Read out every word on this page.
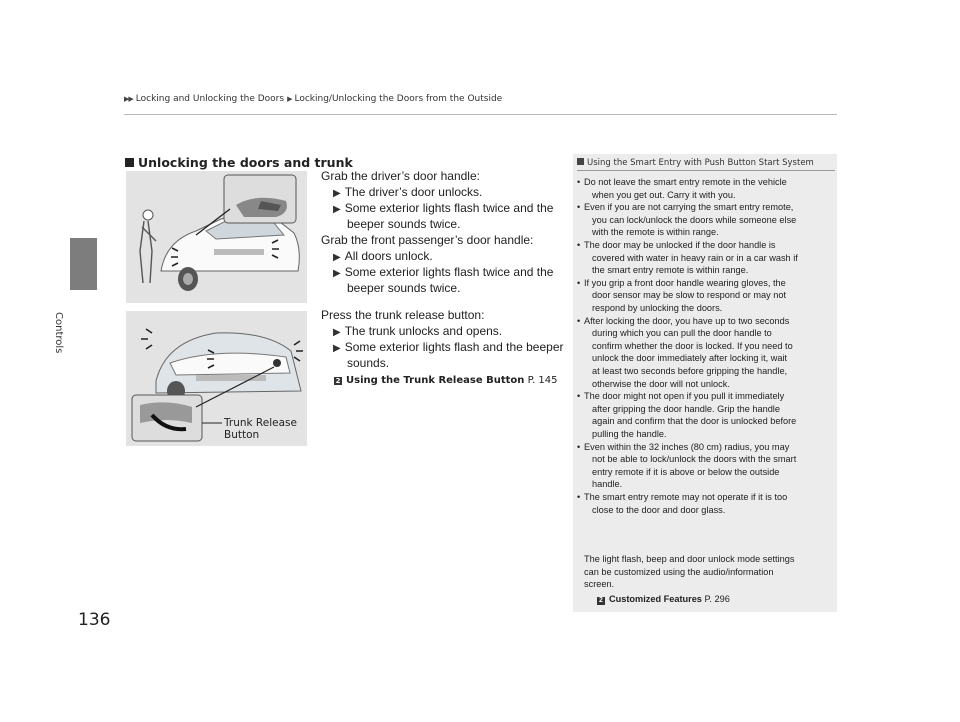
▶▶ Locking and Unlocking the Doors ▶ Locking/Unlocking the Doors from the Outside
Controls
136
Unlocking the doors and trunk
Trunk Release
Button
Grab the driver’s door handle:
▶ The driver’s door unlocks.
▶ Some exterior lights flash twice and the
beeper sounds twice.
Grab the front passenger’s door handle:
▶ All doors unlock.
▶ Some exterior lights flash twice and the
beeper sounds twice.
Press the trunk release button:
▶ The trunk unlocks and opens.
▶ Some exterior lights flash and the beeper
sounds.
2 Using the Trunk Release Button P. 145
Using the Smart Entry with Push Button Start System
• Do not leave the smart entry remote in the vehicle
when you get out. Carry it with you.
• Even if you are not carrying the smart entry remote,
you can lock/unlock the doors while someone else
with the remote is within range.
• The door may be unlocked if the door handle is
covered with water in heavy rain or in a car wash if
the smart entry remote is within range.
• If you grip a front door handle wearing gloves, the
door sensor may be slow to respond or may not
respond by unlocking the doors.
• After locking the door, you have up to two seconds
during which you can pull the door handle to
confirm whether the door is locked. If you need to
unlock the door immediately after locking it, wait
at least two seconds before gripping the handle,
otherwise the door will not unlock.
• The door might not open if you pull it immediately
after gripping the door handle. Grip the handle
again and confirm that the door is unlocked before
pulling the handle.
• Even within the 32 inches (80 cm) radius, you may
not be able to lock/unlock the doors with the smart
entry remote if it is above or below the outside
handle.
• The smart entry remote may not operate if it is too
close to the door and door glass.
The light flash, beep and door unlock mode settings
can be customized using the audio/information
screen.
2 Customized Features P. 296
